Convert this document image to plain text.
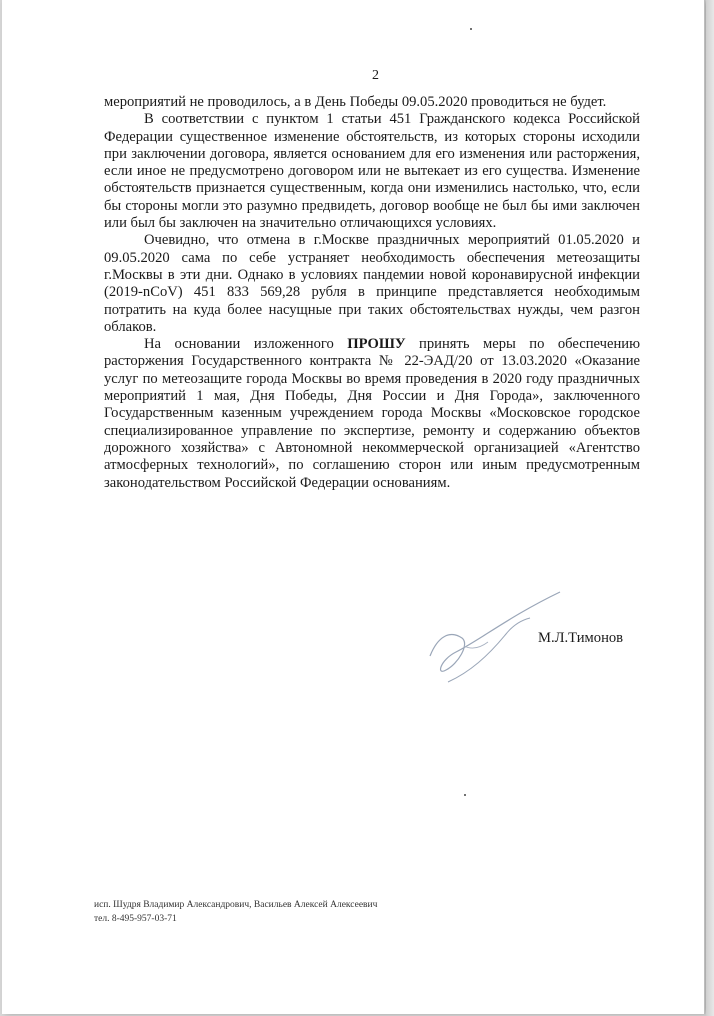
2

мероприятий не проводилось, а в День Победы 09.05.2020 проводиться не будет.

В соответствии с пунктом 1 статьи 451 Гражданского кодекса Российской Федерации существенное изменение обстоятельств, из которых стороны исходили при заключении договора, является основанием для его изменения или расторжения, если иное не предусмотрено договором или не вытекает из его существа. Изменение обстоятельств признается существенным, когда они изменились настолько, что, если бы стороны могли это разумно предвидеть, договор вообще не был бы ими заключен или был бы заключен на значительно отличающихся условиях.

Очевидно, что отмена в г.Москве праздничных мероприятий 01.05.2020 и 09.05.2020 сама по себе устраняет необходимость обеспечения метеозащиты г.Москвы в эти дни. Однако в условиях пандемии новой коронавирусной инфекции (2019-nCoV) 451 833 569,28 рубля в принципе представляется необходимым потратить на куда более насущные при таких обстоятельствах нужды, чем разгон облаков.

На основании изложенного ПРОШУ принять меры по обеспечению расторжения Государственного контракта № 22-ЭАД/20 от 13.03.2020 «Оказание услуг по метеозащите города Москвы во время проведения в 2020 году праздничных мероприятий 1 мая, Дня Победы, Дня России и Дня Города», заключенного Государственным казенным учреждением города Москвы «Московское городское специализированное управление по экспертизе, ремонту и содержанию объектов дорожного хозяйства» с Автономной некоммерческой организацией «Агентство атмосферных технологий», по соглашению сторон или иным предусмотренным законодательством Российской Федерации основаниям.

М.Л.Тимонов
исп. Шудря Владимир Александрович, Васильев Алексей Алексеевич
тел. 8-495-957-03-71
